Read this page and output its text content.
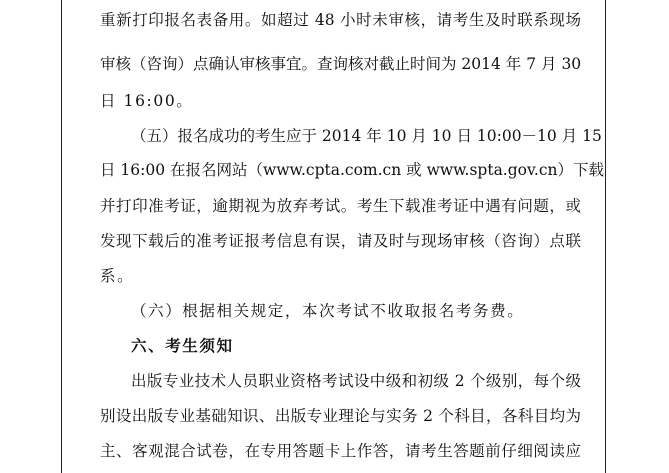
重新打印报名表备用。如超过 48 小时未审核，请考生及时联系现场
审核（咨询）点确认审核事宜。查询核对截止时间为 2014 年 7 月 30
日 16:00。
（五）报名成功的考生应于 2014 年 10 月 10 日 10:00－10 月 15
日 16:00 在报名网站（www.cpta.com.cn 或 www.spta.gov.cn）下载
并打印准考证，逾期视为放弃考试。考生下载准考证中遇有问题，或
发现下载后的准考证报考信息有误，请及时与现场审核（咨询）点联
系。
（六）根据相关规定，本次考试不收取报名考务费。
六、考生须知
出版专业技术人员职业资格考试设中级和初级 2 个级别，每个级
别设出版专业基础知识、出版专业理论与实务 2 个科目，各科目均为
主、客观混合试卷，在专用答题卡上作答，请考生答题前仔细阅读应
